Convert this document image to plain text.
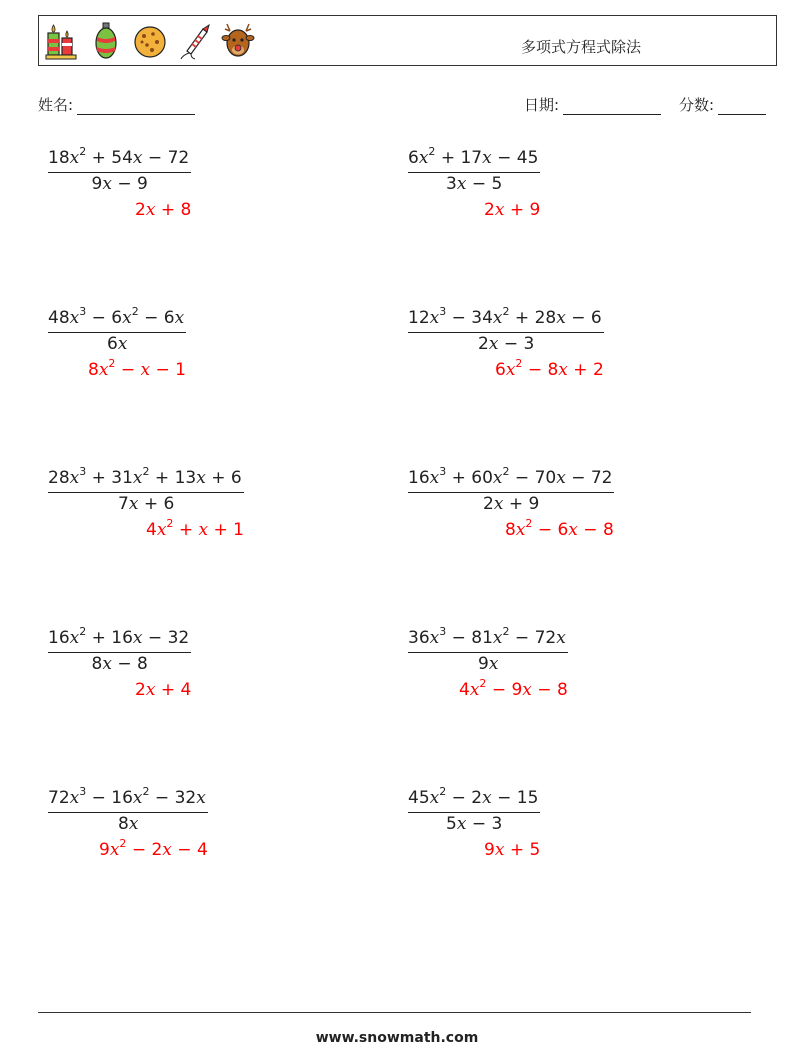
多项式方程式除法
姓名:	日期:	分数:
$18x^2 + 54x - 72$
9x − 9
2x + 8
$6x^2 + 17x - 45$
3x − 5
2x + 9
$48x^3 - 6x^2 - 6x$
6x
$8x^2 - x - 1$
$12x^3 - 34x^2 + 28x - 6$
2x − 3
$6x^2 - 8x + 2$
$28x^3 + 31x^2 + 13x + 6$
7x + 6
$4x^2 + x + 1$
$16x^3 + 60x^2 - 70x - 72$
2x + 9
$8x^2 - 6x - 8$
$16x^2 + 16x - 32$
8x − 8
2x + 4
$36x^3 - 81x^2 - 72x$
9x
$4x^2 - 9x - 8$
$72x^3 - 16x^2 - 32x$
8x
$9x^2 - 2x - 4$
$45x^2 - 2x - 15$
5x − 3
9x + 5
www.snowmath.com
